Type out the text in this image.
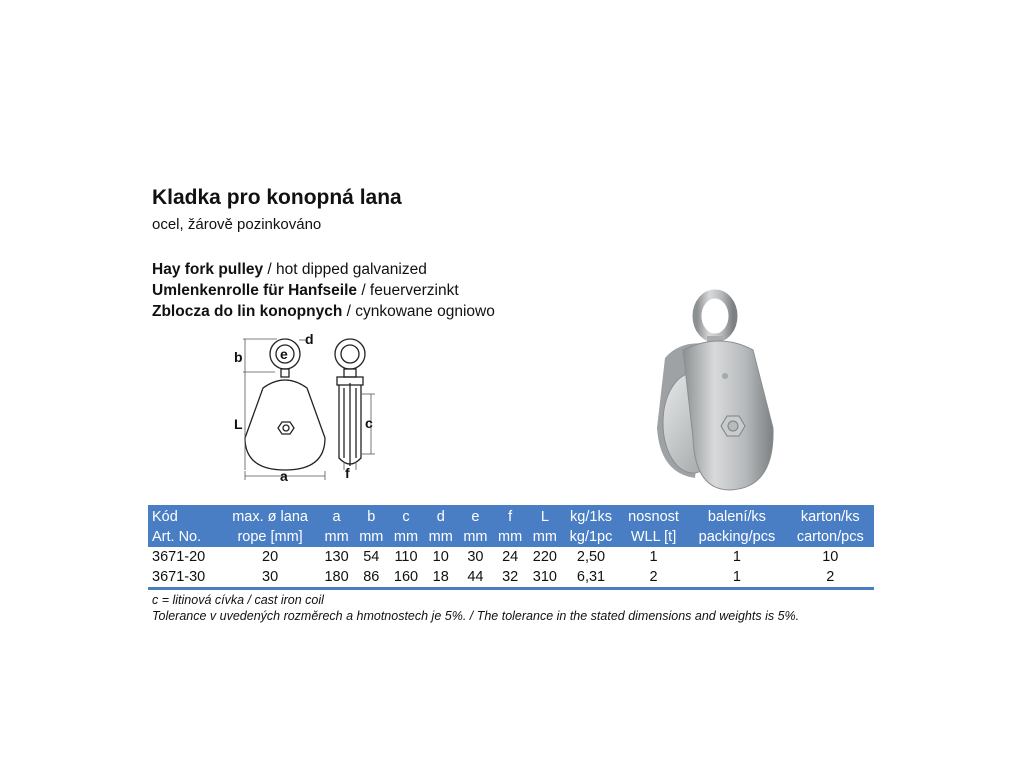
Kladka pro konopná lana
ocel, žárově pozinkováno
Hay fork pulley / hot dipped galvanized
Umlenkenrolle für Hanfseile / feuerverzinkt
Zblocza do lin konopnych / cynkowane ogniowo
b	e
d
L	c
a	f
Kód	max. ø lana	a	b	c	d	e	f	L	kg/1ks	nosnost	balení/ks	karton/ks
Art. No.	rope [mm]	mm	mm	mm	mm	mm	mm	mm	kg/1pc	WLL [t]	packing/pcs	carton/pcs
3671-20	20	130	54	110	10	30	24	220	2,50	1	1	10
3671-30	30	180	86	160	18	44	32	310	6,31	2	1	2
c = litinová cívka / cast iron coil
Tolerance v uvedených rozměrech a hmotnostech je 5%. / The tolerance in the stated dimensions and weights is 5%.
